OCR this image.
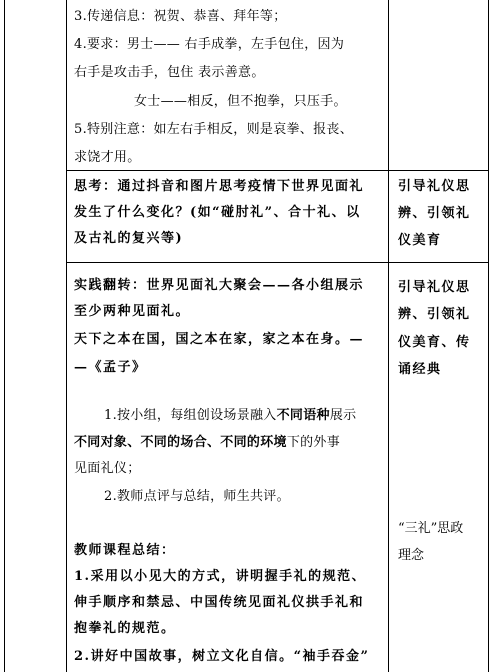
3.传递信息：祝贺、恭喜、拜年等；
4.要求：男士—— 右手成拳，左手包住，因为
右手是攻击手，包住 表示善意。
女士——相反，但不抱拳，只压手。
5.特别注意：如左右手相反，则是哀拳、报丧、
求饶才用。
思考：通过抖音和图片思考疫情下世界见面礼
发生了什么变化？(如“碰肘礼”、合十礼、以
及古礼的复兴等)
引导礼仪思
辨、引领礼
仪美育
实践翻转：世界见面礼大聚会——各小组展示
至少两种见面礼。
天下之本在国，国之本在家，家之本在身。—
—《孟子》
引导礼仪思
辨、引领礼
仪美育、传
诵经典
1.按小组，每组创设场景融入不同语种展示
不同对象、不同的场合、不同的环境下的外事
见面礼仪；
2.教师点评与总结，师生共评。
“三礼”思政
理念
教师课程总结：
1.采用以小见大的方式，讲明握手礼的规范、
伸手顺序和禁忌、中国传统见面礼仪拱手礼和
抱拳礼的规范。
2.讲好中国故事，树立文化自信。“袖手吞金”
